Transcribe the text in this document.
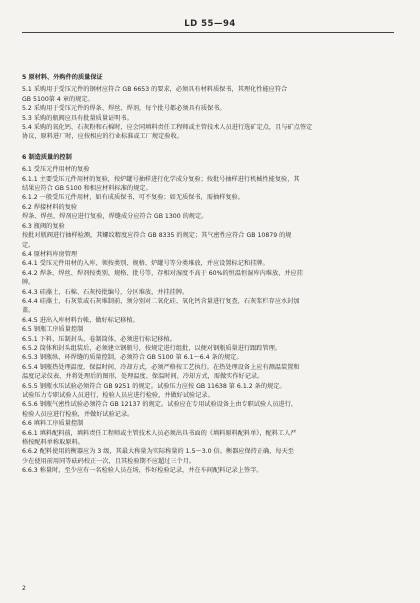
LD 55—94

5 原材料、外购件的质量保证

5.1 采购用于受压元件的钢材应符合 GB 6653 的要求，必须具有材料质保书，其理化性能应符合

GB 5100第 4 章的规定。

5.2 采购用于受压元件的焊条、焊丝、焊剂，每个批号都必须具有质保书。

5.3 采购的瓶阀应具有批量质量证明书。

5.4 采购的氧化钙、石灰粉和石棉时，应会同填料责任工程师或主管技术人员进行选矿定点，且与矿点签定

协议，原料进厂时，应按相应的行业标准或工厂规定验收。

6 制造质量的控制

6.1 受压元件用材的复验

6.1.1 主要受压元件用材的复验，按炉罐号抽样进行化学成分复验；按批号抽样进行机械性能复验，其

结果应符合 GB 5100 和相应材料标准的规定。

6.1.2 一般受压元件用材，如有成质保书，可不复验；如无质保书，需抽样复验。

6.2 焊接材料的复验

焊条、焊丝、焊剂应进行复验，焊缝成分应符合 GB 1300 的规定。

6.3 瓶阀的复验

按批对瓶阀进行抽样检测，其螺纹精度应符合 GB 8335 的规定；其气密性应符合 GB 10879 的规

定。

6.4 原材料库房管理

6.4.1 受压元件用材的入库、领按类别、规格、炉罐号等分类堆放，并应设置标记和挂牌。

6.4.2 焊条、焊丝、焊剂按类别、规格、批号等，存相对湿度不高于 60%的恒温恒湿库内堆放，并应挂

牌。

6.4.3 硅藻土、石棉、石灰按批编号，分区堆放，并挂挂牌。

6.4.4 硅藻土、石灰浆或石灰堆制前，须分别对二氧化硅、氧化钙含量进行复查，石灰浆栏存应水封加

盖。

6.4.5 进出入库材料台帐，做好标记移植。

6.5 钢瓶工序质量控制

6.5.1 下料、压制封头、卷制筒体，必须进行标记移植。

6.5.2 筒体和封头组装后，必须建立钢瓶号，按规定进行组批，以便对钢瓶质量进行跟踪管理。

6.5.3 钢瓶纵、环焊缝的质量控制，必须符合 GB 5100 第 6.1～6.4 条的规定。

6.5.4 钢瓶热处理温度、保温时间、冷却方式，必须严格按工艺执行。在热处理设备上应有测温装置和

温度记录仪表，并将处理后的图形，处理温度、保温时间、冷却方式，需做实作好记录。

6.5.5 钢瓶水压试验必须符合 GB 9251 的规定。试验压力应按 GB 11638 第 6.1.2 条的规定。

试验压力专职试验人员进行，检验人员应进行检验，并做好试验记录。

6.5.6 钢瓶气密性试验必须符合 GB 12137 的规定。试验应在专用试验设备上由专职试验人员进行，

检验人员应进行检验，并做好试验记录。

6.6 填料工序质量控制

6.6.1 填料配料前，填料责任工程师或主管技术人员必须出具书面的《填料原料配料单》，配料工人严

格按配料单称取原料。

6.6.2 配料使用的衡器应为 3 级，其最大称量为实际称量的 1.5～3.0 倍。衡器应保持正确，每天至

少在使用前用同等砝码校正一次，且其检验期不应超过三个月。

6.6.3 称量时，至少应有一名检验人员在场，作好检验记录，并在车间配料记录上签字。

2
